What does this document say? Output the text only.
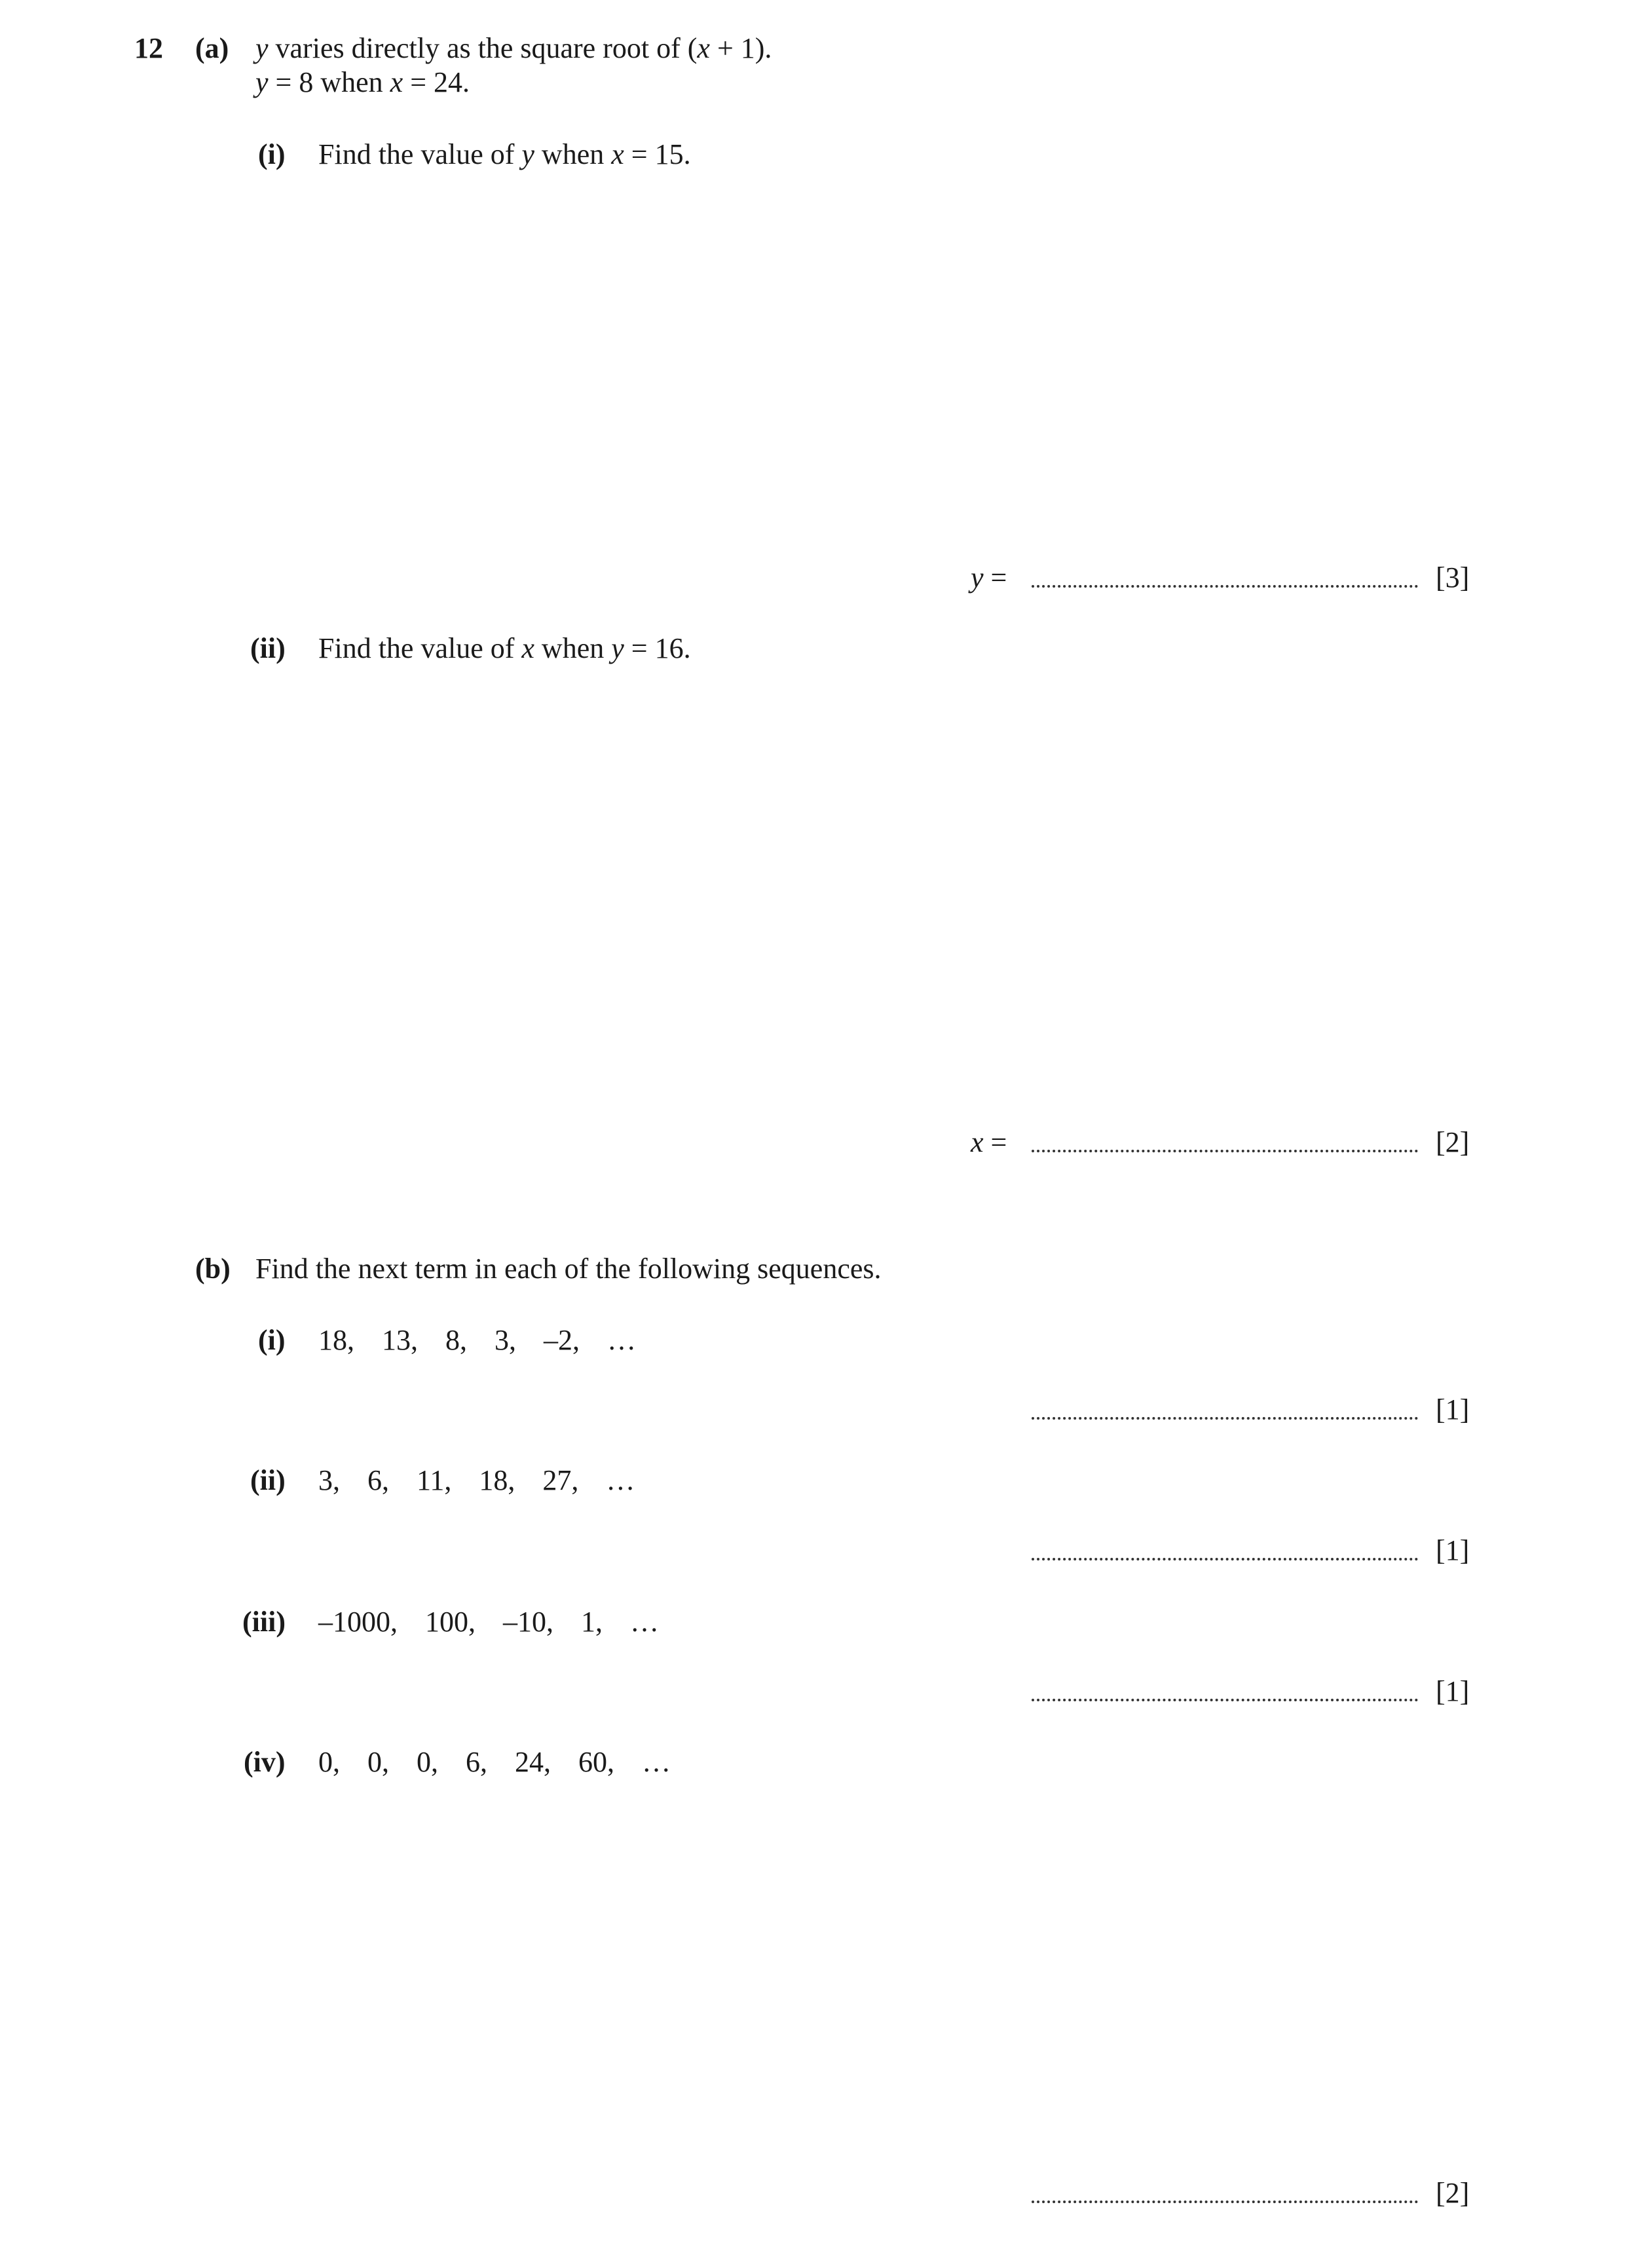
12 (a) y varies directly as the square root of (x + 1).
y = 8 when x = 24.
(i) Find the value of y when x = 15.
y =	[3]
(ii) Find the value of x when y = 16.
x =	[2]
(b) Find the next term in each of the following sequences.
(i) 18, 13, 8, 3, –2, …
[1]
(ii) 3, 6, 11, 18, 27, …
[1]
(iii) –1000, 100, –10, 1, …
[1]
(iv) 0, 0, 0, 6, 24, 60, …
[2]
